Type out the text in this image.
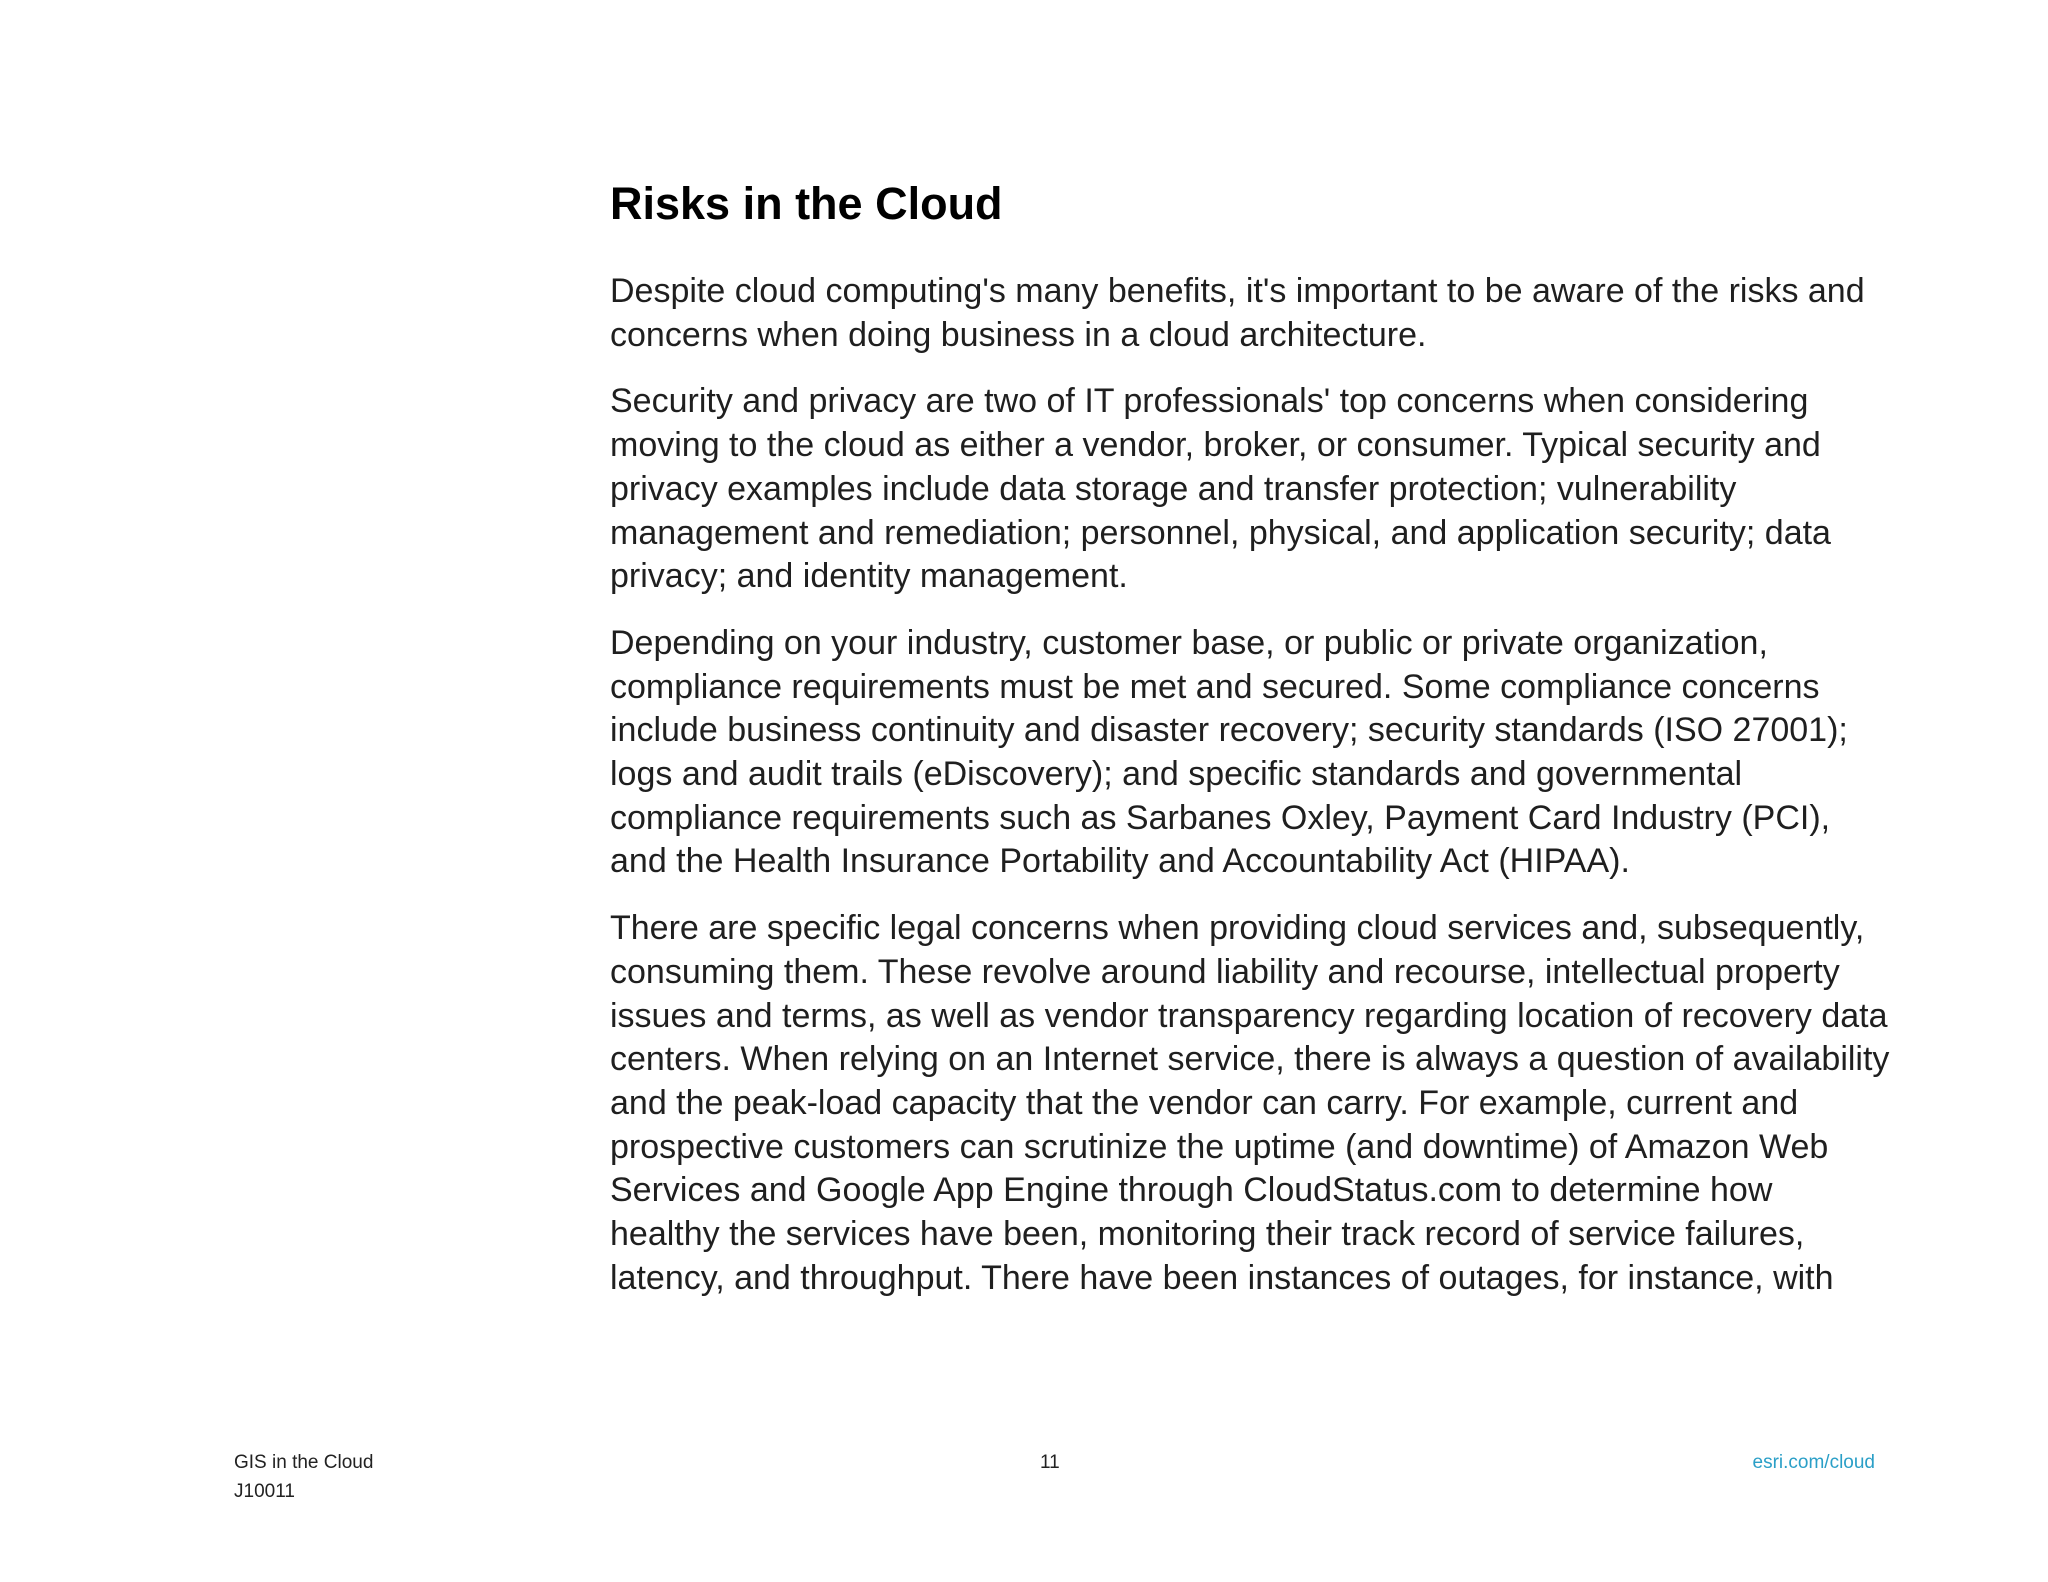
Risks in the Cloud

Despite cloud computing's many benefits, it's important to be aware of the risks and concerns when doing business in a cloud architecture.

Security and privacy are two of IT professionals' top concerns when considering moving to the cloud as either a vendor, broker, or consumer. Typical security and privacy examples include data storage and transfer protection; vulnerability management and remediation; personnel, physical, and application security; data privacy; and identity management.

Depending on your industry, customer base, or public or private organization, compliance requirements must be met and secured. Some compliance concerns include business continuity and disaster recovery; security standards (ISO 27001); logs and audit trails (eDiscovery); and specific standards and governmental compliance requirements such as Sarbanes Oxley, Payment Card Industry (PCI), and the Health Insurance Portability and Accountability Act (HIPAA).

There are specific legal concerns when providing cloud services and, subsequently, consuming them. These revolve around liability and recourse, intellectual property issues and terms, as well as vendor transparency regarding location of recovery data centers. When relying on an Internet service, there is always a question of availability and the peak-load capacity that the vendor can carry. For example, current and prospective customers can scrutinize the uptime (and downtime) of Amazon Web Services and Google App Engine through CloudStatus.com to determine how healthy the services have been, monitoring their track record of service failures, latency, and throughput. There have been instances of outages, for instance, with

GIS in the Cloud
J10011
11	esri.com/cloud
